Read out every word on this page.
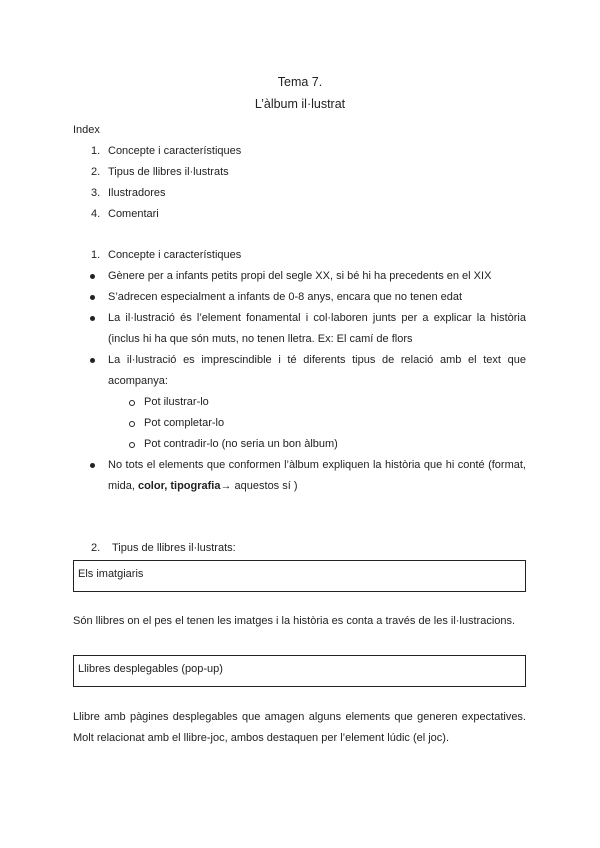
Tema 7.
L’àlbum il·lustrat
Index
1. Concepte i característiques
2. Tipus de llibres il·lustrats
3. Ilustradores
4. Comentari
1. Concepte i característiques
Gènere per a infants petits propi del segle XX, si bé hi ha precedents en el XIX
S’adrecen especialment a infants de 0-8 anys, encara que no tenen edat
La il·lustració és l’element fonamental i col·laboren junts per a explicar la història (inclus hi ha que són muts, no tenen lletra. Ex: El camí de flors
La il·lustració es imprescindible i té diferents tipus de relació amb el text que acompanya:
Pot ilustrar-lo
Pot completar-lo
Pot contradir-lo (no seria un bon àlbum)
No tots el elements que conformen l’àlbum expliquen la història que hi conté (format, mida, color, tipografia→ aquestos sí )
2. Tipus de llibres il·lustrats:
Els imatgiaris
Són llibres on el pes el tenen les imatges i la història es conta a través de les il·lustracions.
Llibres desplegables (pop-up)
Llibre amb pàgines desplegables que amagen alguns elements que generen expectatives. Molt relacionat amb el llibre-joc, ambos destaquen per l’element lúdic (el joc).
